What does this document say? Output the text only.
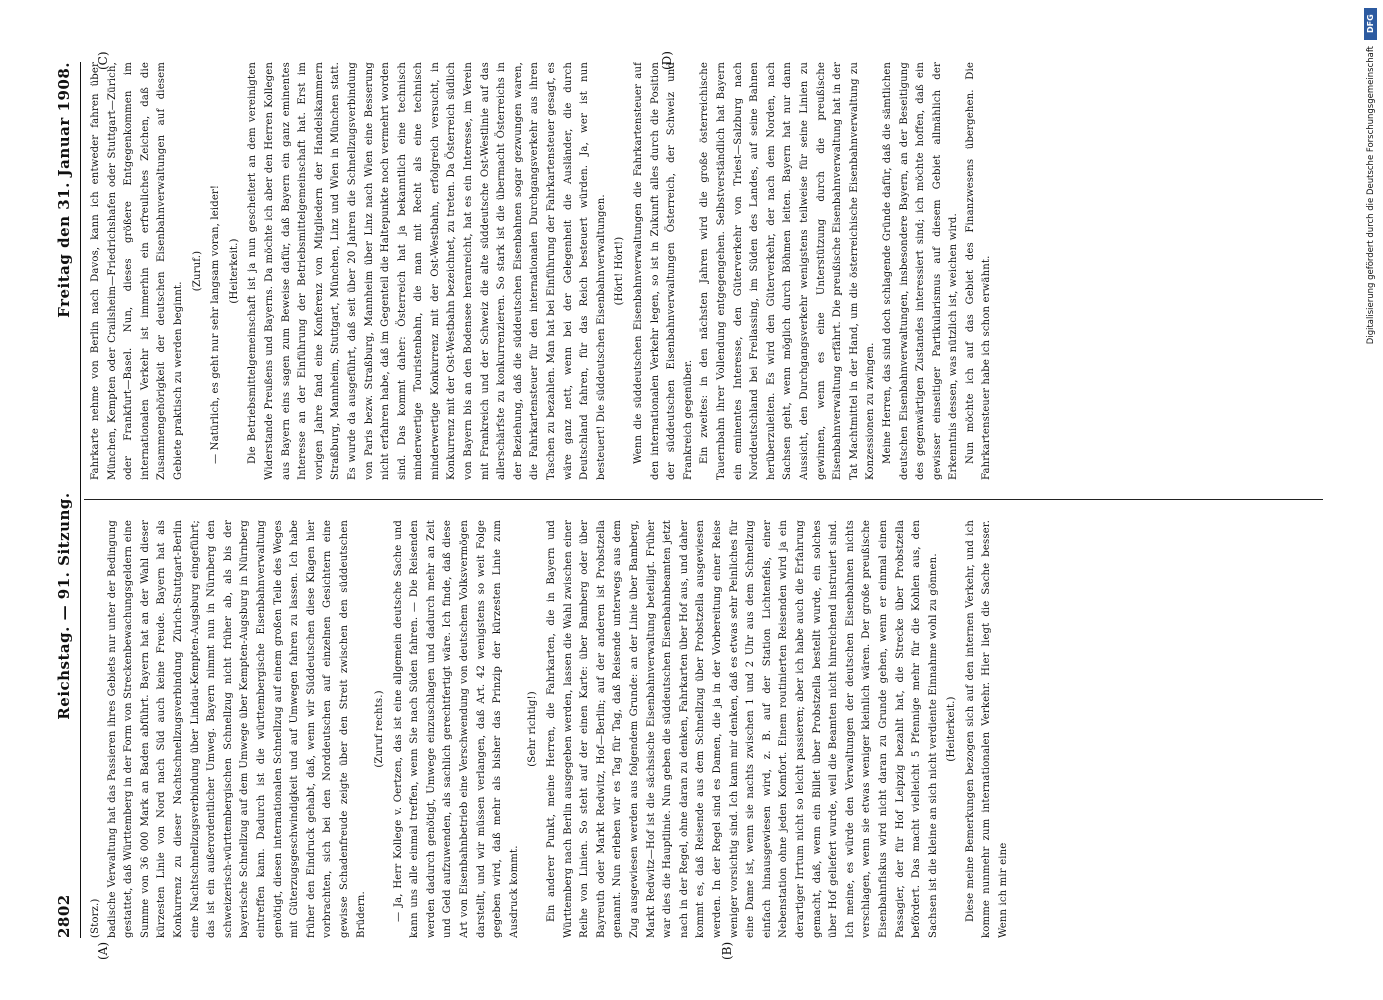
2802
Reichstag. — 91. Sitzung.
Freitag den 31. Januar 1908.
(A)	(B)
(C)	(D)

(Storz.) badische Verwaltung hat das Passieren ihres Gebiets nur unter der Bedingung gestattet, daß Württemberg in der Form von Streckenbewachungsgeldern eine Summe von 36 000 Mark an Baden abführt. Bayern hat an der Wahl dieser kürzesten Linie von Nord nach Süd auch keine Freude. Bayern hat als Konkurrenz zu dieser Nachtschnellzugsverbindung Zürich-Stuttgart-Berlin eine Nachtschnellzugsverbindung über Lindau-Kempten-Augsburg eingeführt; das ist ein außerordentlicher Umweg. Bayern nimmt nun in Nürnberg den schweizerisch-württembergischen Schnellzug nicht früher ab, als bis der bayerische Schnellzug auf dem Umwege über Kempten-Augsburg in Nürnberg eintreffen kann. Dadurch ist die württembergische Eisenbahnverwaltung genötigt, diesen internationalen Schnellzug auf einem großen Teile des Weges mit Güterzugsgeschwindigkeit und auf Umwegen fahren zu lassen. Ich habe früher den Eindruck gehabt, daß, wenn wir Süddeutschen diese Klagen hier vorbrachten, sich bei den Norddeutschen auf einzelnen Gesichtern eine gewisse Schadenfreude zeigte über den Streit zwischen den süddeutschen Brüdern.

(Zuruf rechts.) — Ja, Herr Kollege v. Oertzen, das ist eine allgemein deutsche Sache und kann uns alle einmal treffen, wenn Sie nach Süden fahren. — Die Reisenden werden dadurch genötigt, Umwege einzuschlagen und dadurch mehr an Zeit und Geld aufzuwenden, als sachlich gerechtfertigt wäre. Ich finde, daß diese Art von Eisenbahnbetrieb eine Verschwendung von deutschem Volksvermögen darstellt, und wir müssen verlangen, daß Art. 42 wenigstens so weit Folge gegeben wird, daß mehr als bisher das Prinzip der kürzesten Linie zum Ausdruck kommt.

(Sehr richtig!) Ein anderer Punkt, meine Herren, die Fahrkarten, die in Bayern und Württemberg nach Berlin ausgegeben werden, lassen die Wahl zwischen einer Reihe von Linien. So steht auf der einen Karte: über Bamberg oder über Bayreuth oder Markt Redwitz, Hof—Berlin; auf der anderen ist Probstzella genannt. Nun erleben wir es Tag für Tag, daß Reisende unterwegs aus dem Zug ausgewiesen werden aus folgendem Grunde: an der Linie über Bamberg, Markt Redwitz—Hof ist die sächsische Eisenbahnverwaltung beteiligt. Früher war dies die Hauptlinie. Nun geben die süddeutschen Eisenbahnbeamten jetzt nach in der Regel, ohne daran zu denken, Fahrkarten über Hof aus, und daher kommt es, daß Reisende aus dem Schnellzug über Probstzella ausgewiesen werden. In der Regel sind es Damen, die ja in der Vorbereitung einer Reise weniger vorsichtig sind. Ich kann mir denken, daß es etwas sehr Peinliches für eine Dame ist, wenn sie nachts zwischen 1 und 2 Uhr aus dem Schnellzug einfach hinausgewiesen wird, z. B. auf der Station Lichtenfels, einer Nebenstation ohne jeden Komfort. Einem routinierten Reisenden wird ja ein derartiger Irrtum nicht so leicht passieren; aber ich habe auch die Erfahrung gemacht, daß, wenn ein Billet über Probstzella bestellt wurde, ein solches über Hof geliefert wurde, weil die Beamten nicht hinreichend instruiert sind. Ich meine, es würde den Verwaltungen der deutschen Eisenbahnen nichts verschlagen, wenn sie etwas weniger kleinlich wären. Der große preußische Eisenbahnfiskus wird nicht daran zu Grunde gehen, wenn er einmal einen Passagier, der für Hof Leipzig bezahlt hat, die Strecke über Probstzella befördert. Das macht vielleicht 5 Pfennige mehr für die Kohlen aus, den Sachsen ist die kleine an sich nicht verdiente Einnahme wohl zu gönnen. (Heiterkeit.) Diese meine Bemerkungen bezogen sich auf den internen Verkehr, und ich komme nunmehr zum internationalen Verkehr. Hier liegt die Sache besser. Wenn ich mir eine

Fahrkarte nehme von Berlin nach Davos, kann ich entweder fahren über München, Kempten oder Crailsheim—Friedrichshafen oder Stuttgart—Zürich, oder Frankfurt—Basel. Nun, dieses größere Entgegenkommen im internationalen Verkehr ist immerhin ein erfreuliches Zeichen, daß die Zusammengehörigkeit der deutschen Eisenbahnverwaltungen auf diesem Gebiete praktisch zu werden beginnt.

(Zuruf.) — Natürlich, es geht nur sehr langsam voran, leider! (Heiterkeit.) Die Betriebsmittelgemeinschaft ist ja nun gescheitert an dem vereinigten Widerstande Preußens und Bayerns. Da möchte ich aber den Herren Kollegen aus Bayern eins sagen zum Beweise dafür, daß Bayern ein ganz eminentes Interesse an der Einführung der Betriebsmittelgemeinschaft hat. Erst im vorigen Jahre fand eine Konferenz von Mitgliedern der Handelskammern Straßburg, Mannheim, Stuttgart, München, Linz und Wien in München statt. Es wurde da ausgeführt, daß seit über 20 Jahren die Schnellzugsverbindung von Paris bezw. Straßburg, Mannheim über Linz nach Wien eine Besserung nicht erfahren habe, daß im Gegenteil die Haltepunkte noch vermehrt worden sind. Das kommt daher: Österreich hat ja bekanntlich eine technisch minderwertige Touristenbahn, die man mit Recht als eine technisch minderwertige Konkurrenz mit der Ost-Westbahn, erfolgreich versucht, in Konkurrenz mit der Ost-Westbahn bezeichnet, zu treten. Da Österreich südlich von Bayern bis an den Bodensee heranreicht, hat es ein Interesse, im Verein mit Frankreich und der Schweiz die alte süddeutsche Ost-Westlinie auf das allerschärfste zu konkurrenzieren. So stark ist die übermacht Österreichs in der Beziehung, daß die süddeutschen Eisenbahnen sogar gezwungen waren, die Fahrkartensteuer für den internationalen Durchgangsverkehr aus ihren Taschen zu bezahlen. Man hat bei Einführung der Fahrkartensteuer gesagt, es wäre ganz nett, wenn bei der Gelegenheit die Ausländer, die durch Deutschland fahren, für das Reich besteuert würden. Ja, wer ist nun besteuert! Die süddeutschen Eisenbahnverwaltungen. (Hört! Hört!) Wenn die süddeutschen Eisenbahnverwaltungen die Fahrkartensteuer auf den internationalen Verkehr legen, so ist in Zukunft alles durch die Position der süddeutschen Eisenbahnverwaltungen Österreich, der Schweiz und Frankreich gegenüber. Ein zweites: in den nächsten Jahren wird die große österreichische Tauernbahn ihrer Vollendung entgegengehen. Selbstverständlich hat Bayern ein eminentes Interesse, den Güterverkehr von Triest—Salzburg nach Norddeutschland bei Freilassing, im Süden des Landes, auf seine Bahnen herüberzuleiten. Es wird den Güterverkehr, der nach dem Norden, nach Sachsen geht, wenn möglich durch Böhmen leiten. Bayern hat nur dann Aussicht, den Durchgangsverkehr wenigstens teilweise für seine Linien zu gewinnen, wenn es eine Unterstützung durch die preußische Eisenbahnverwaltung erfährt. Die preußische Eisenbahnverwaltung hat in der Tat Machtmittel in der Hand, um die österreichische Eisenbahnverwaltung zu Konzessionen zu zwingen. Meine Herren, das sind doch schlagende Gründe dafür, daß die sämtlichen deutschen Eisenbahnverwaltungen, insbesondere Bayern, an der Beseitigung des gegenwärtigen Zustandes interessiert sind; ich möchte hoffen, daß ein gewisser einseitiger Partikularismus auf diesem Gebiet allmählich der Erkenntnis dessen, was nützlich ist, weichen wird. Nun möchte ich auf das Gebiet des Finanzwesens übergehen. Die Fahrkartensteuer habe ich schon erwähnt.

DFG
Digitalisierung gefördert durch die Deutsche Forschungsgemeinschaft
